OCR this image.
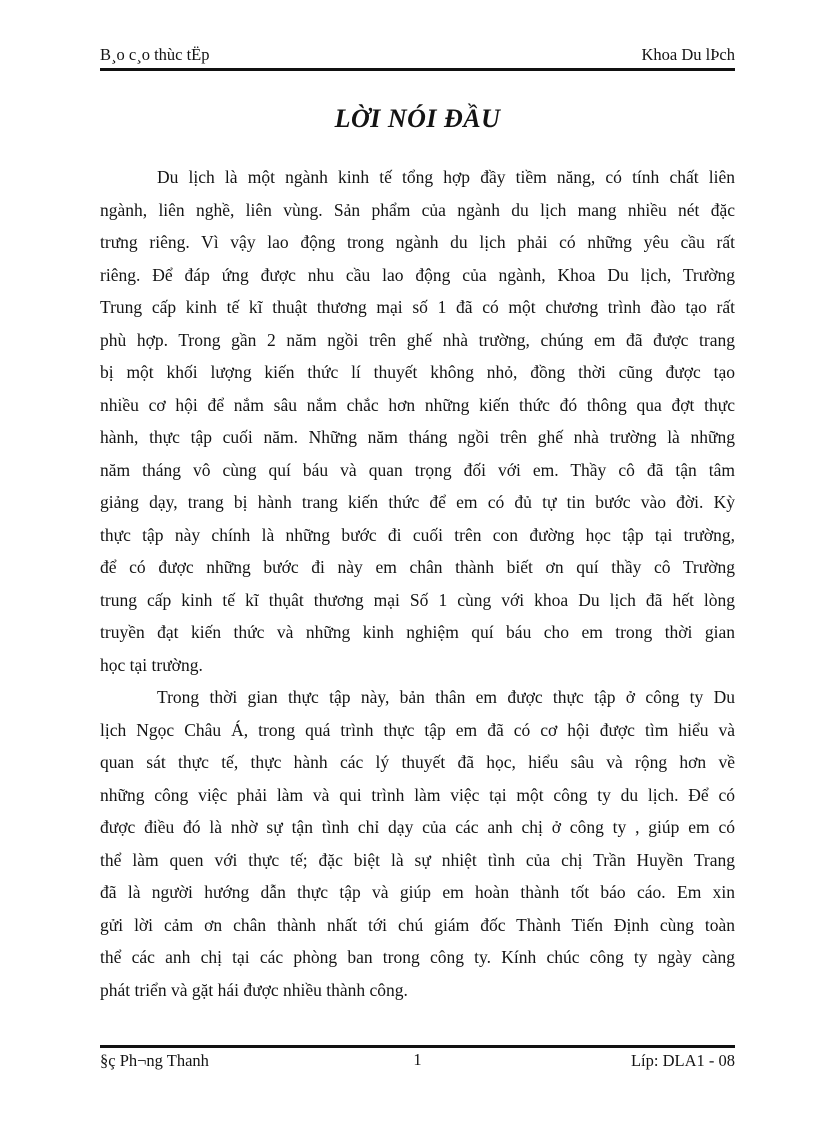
B¸o c¸o thùc tËp	Khoa Du lÞch
LỜI NÓI ĐẦU
Du lịch là một ngành kinh tế tổng hợp đầy tiềm năng, có tính chất liên
ngành, liên nghề, liên vùng. Sản phẩm của ngành du lịch mang nhiều nét đặc
trưng riêng. Vì vậy lao động trong ngành du lịch phải có những yêu cầu rất
riêng. Để đáp ứng được nhu cầu lao động của ngành, Khoa Du lịch, Trường
Trung cấp kinh tế kĩ thuật thương mại số 1 đã có một chương trình đào tạo rất
phù hợp. Trong gần 2 năm ngồi trên ghế nhà trường, chúng em đã được trang
bị một khối lượng kiến thức lí thuyết không nhỏ, đồng thời cũng được tạo
nhiều cơ hội để nắm sâu nắm chắc hơn những kiến thức đó thông qua đợt thực
hành, thực tập cuối năm. Những năm tháng ngồi trên ghế nhà trường là những
năm tháng vô cùng quí báu và quan trọng đối với em. Thầy cô đã tận tâm
giảng dạy, trang bị hành trang kiến thức để em có đủ tự tin bước vào đời. Kỳ
thực tập này chính là những bước đi cuối trên con đường học tập tại trường,
để có được những bước đi này em chân thành biết ơn quí thầy cô Trường
trung cấp kinh tế kĩ thụât thương mại Số 1 cùng với khoa Du lịch đã hết lòng
truyền đạt kiến thức và những kinh nghiệm quí báu cho em trong thời gian
học tại trường.
Trong thời gian thực tập này, bản thân em được thực tập ở công ty Du
lịch Ngọc Châu Á, trong quá trình thực tập em đã có cơ hội được tìm hiểu và
quan sát thực tế, thực hành các lý thuyết đã học, hiểu sâu và rộng hơn về
những công việc phải làm và qui trình làm việc tại một công ty du lịch. Để có
được điều đó là nhờ sự tận tình chỉ dạy của các anh chị ở công ty , giúp em có
thể làm quen với thực tế; đặc biệt là sự nhiệt tình của chị Trần Huyền Trang
đã là người hướng dẫn thực tập và giúp em hoàn thành tốt báo cáo. Em xin
gửi lời cảm ơn chân thành nhất tới chú giám đốc Thành Tiến Định cùng toàn
thể các anh chị tại các phòng ban trong công ty. Kính chúc công ty ngày càng
phát triển và gặt hái được nhiều thành công.
§ç Ph¬ng Thanh	1	Líp: DLA1 - 08
